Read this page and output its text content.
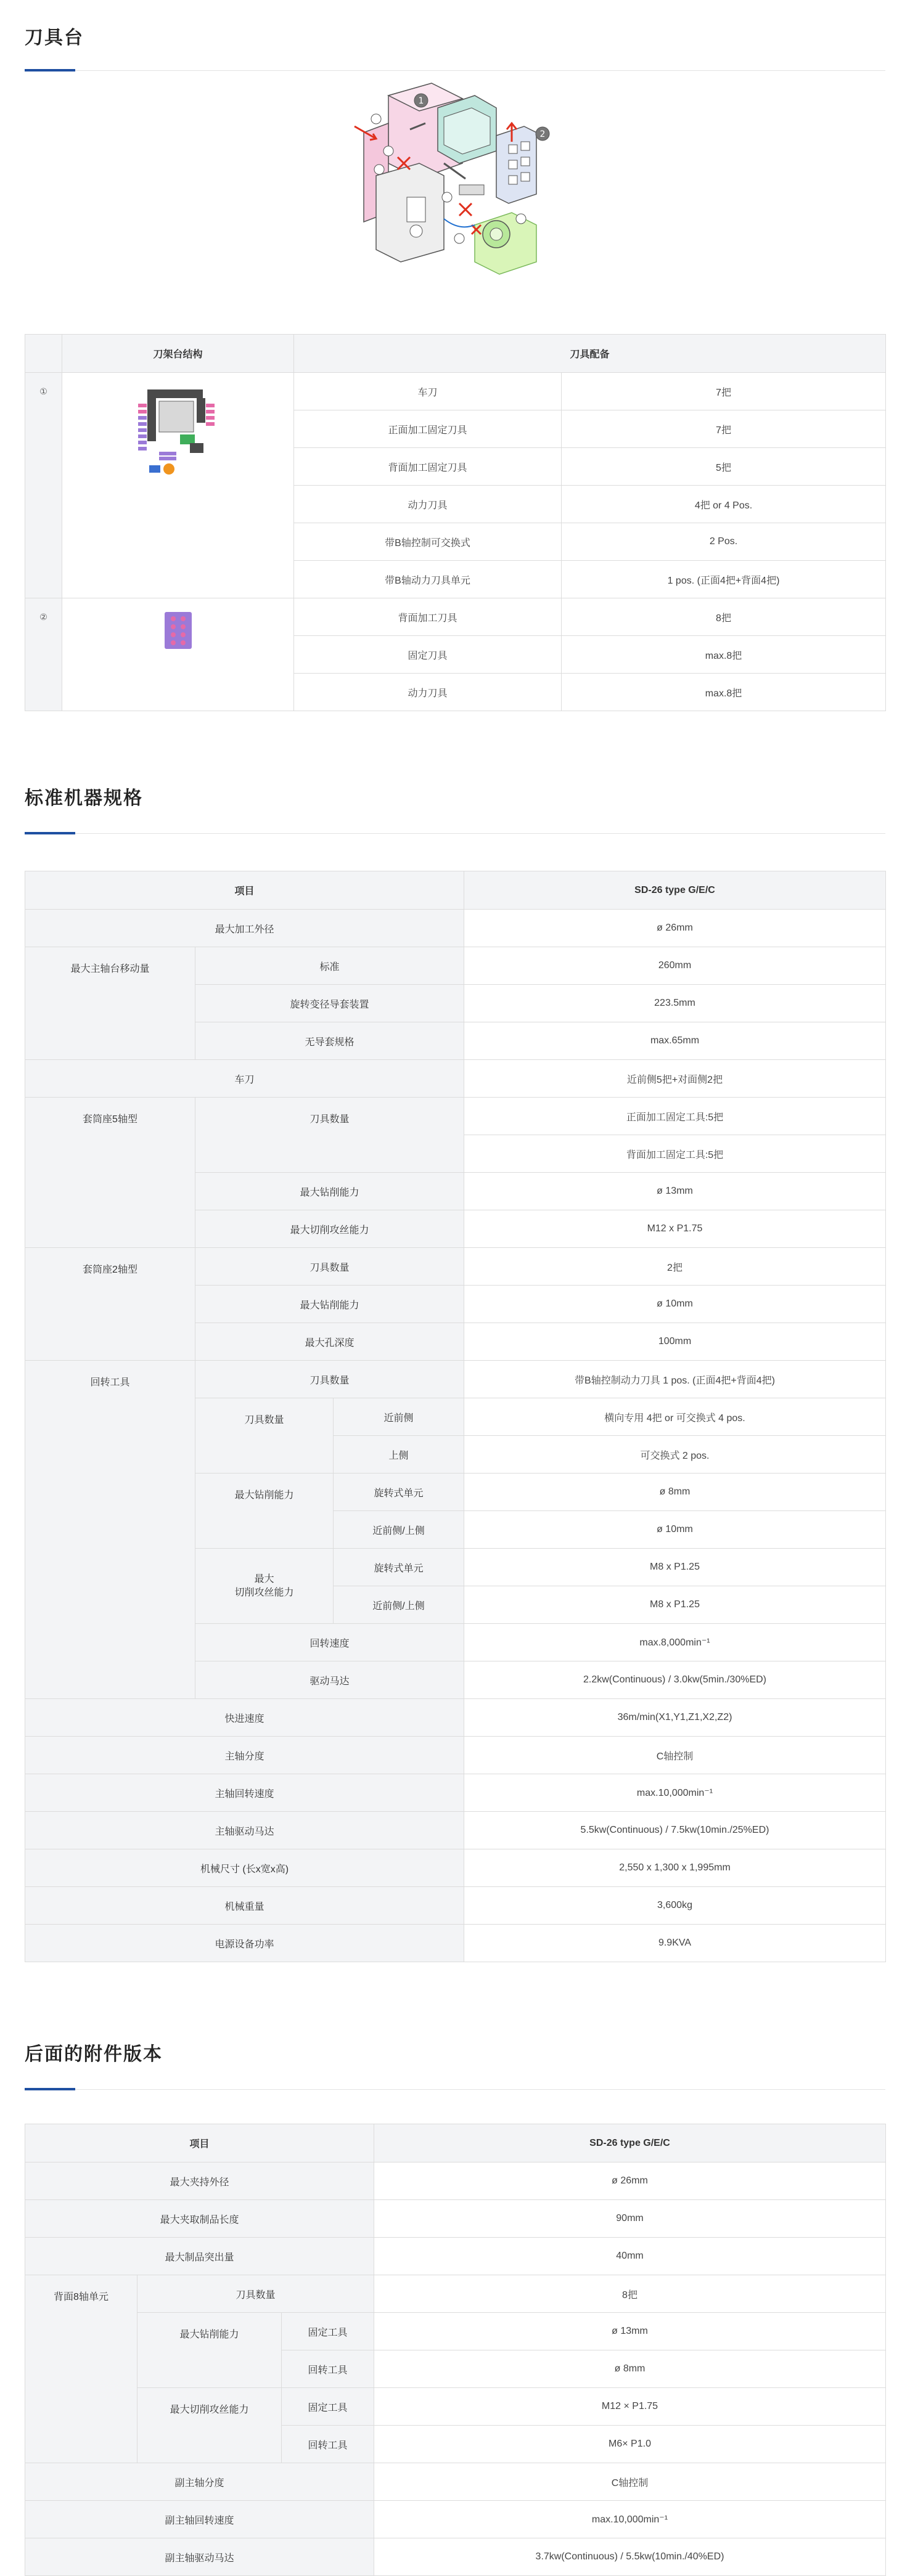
刀具台
1
2
	刀架台结构	刀具配备	
①		车刀	7把
		正面加工固定刀具	7把
		背面加工固定刀具	5把
		动力刀具	4把 or 4 Pos.
		带B轴控制可交换式	2 Pos.
		带B轴动力刀具单元	1 pos. (正面4把+背面4把)
②		背面加工刀具	8把
		固定刀具	max.8把
		动力刀具	max.8把
标准机器规格
项目			SD-26 type G/E/C
最大加工外径			ø 26mm
最大主轴台移动量	标准		260mm
	旋转变径导套装置		223.5mm
	无导套规格		max.65mm
车刀			近前侧5把+对面侧2把
套筒座5轴型	刀具数量		正面加工固定工具:5把
			背面加工固定工具:5把
	最大钻削能力		ø 13mm
	最大切削攻丝能力		M12 x P1.75
套筒座2轴型	刀具数量		2把
	最大钻削能力		ø 10mm
	最大孔深度		100mm
回转工具	刀具数量		带B轴控制动力刀具 1 pos. (正面4把+背面4把)
	刀具数量	近前侧	横向专用 4把 or 可交换式 4 pos.
		上侧	可交换式 2 pos.
	最大钻削能力	旋转式单元	ø 8mm
		近前侧/上侧	ø 10mm

	最大
切削攻丝能力	旋转式单元	M8 x P1.25
		近前侧/上侧	M8 x P1.25
	回转速度		max.8,000min⁻¹
	驱动马达		2.2kw(Continuous) / 3.0kw(5min./30%ED)
快进速度			36m/min(X1,Y1,Z1,X2,Z2)
主轴分度			C轴控制
主轴回转速度			max.10,000min⁻¹
主轴驱动马达			5.5kw(Continuous) / 7.5kw(10min./25%ED)
机械尺寸 (长x宽x高)			2,550 x 1,300 x 1,995mm
机械重量			3,600kg
电源设备功率			9.9KVA
后面的附件版本
项目			SD-26 type G/E/C
最大夹持外径			ø 26mm
最大夹取制品长度			90mm
最大制品突出量			40mm
背面8轴单元	刀具数量		8把
	最大钻削能力	固定工具	ø 13mm
		回转工具	ø 8mm
	最大切削攻丝能力	固定工具	M12 × P1.75
		回转工具	M6× P1.0
副主轴分度			C轴控制
副主轴回转速度			max.10,000min⁻¹
副主轴驱动马达			3.7kw(Continuous) / 5.5kw(10min./40%ED)
